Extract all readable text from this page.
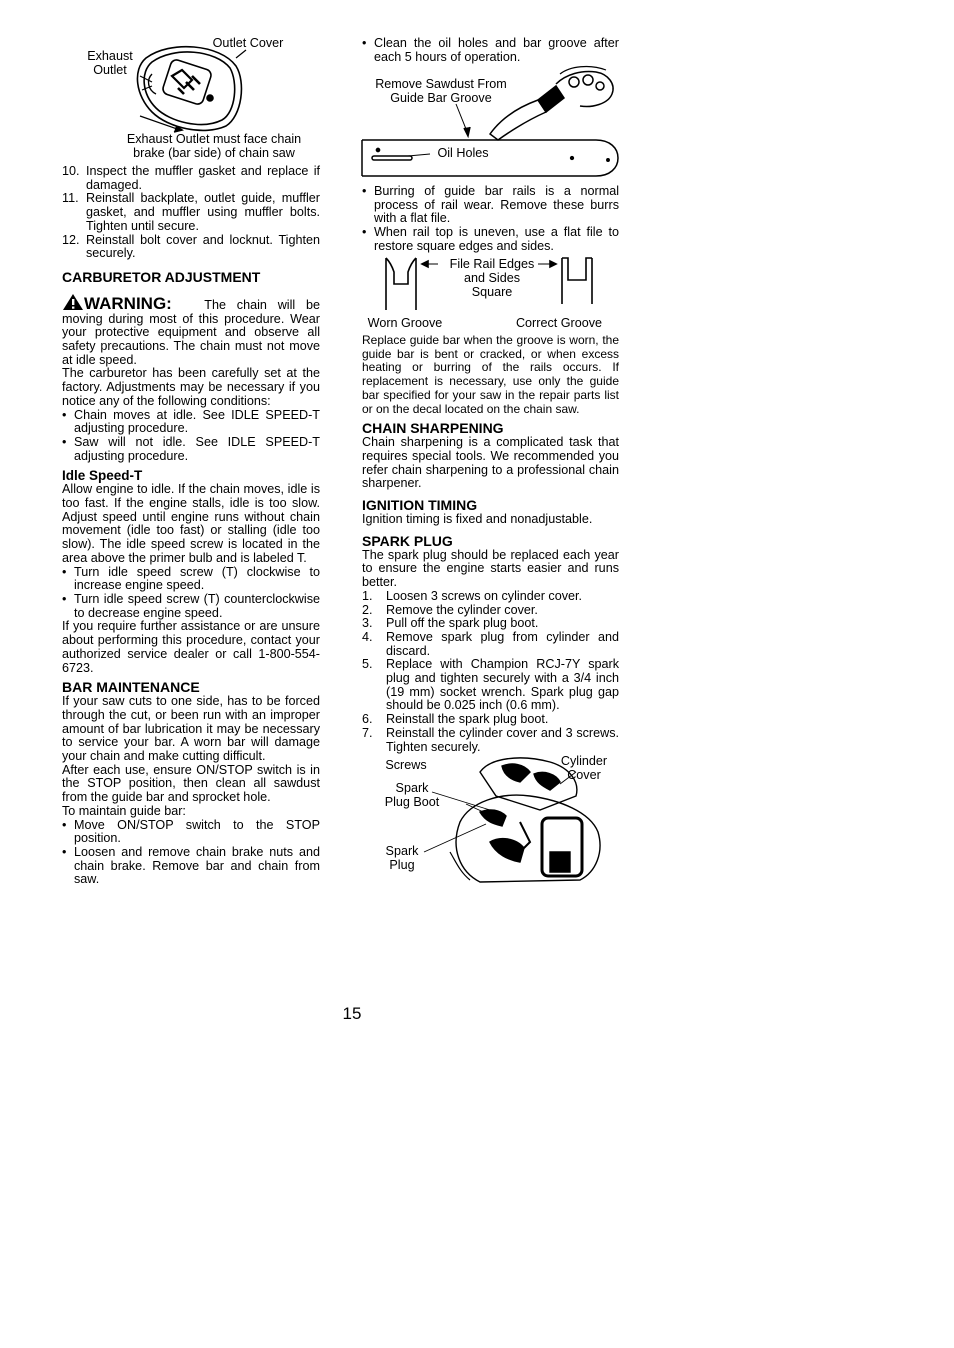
Exhaust
Outlet
Outlet Cover
Exhaust Outlet must face chain
brake (bar side) of chain saw
10. Inspect the muffler gasket and replace if damaged.
11. Reinstall backplate, outlet guide, muffler gasket, and muffler using muffler bolts. Tighten until secure.
12. Reinstall bolt cover and locknut. Tighten securely.
CARBURETOR ADJUSTMENT
WARNING:	The chain will be moving during most of this procedure. Wear your protective equipment and observe all safety precautions. The chain must not move at idle speed.

The carburetor has been carefully set at the factory. Adjustments may be necessary if you notice any of the following conditions:

• Chain moves at idle. See IDLE SPEED-T adjusting procedure.
• Saw will not idle. See IDLE SPEED-T adjusting procedure.
Idle Speed-T

Allow engine to idle. If the chain moves, idle is too fast. If the engine stalls, idle is too slow. Adjust speed until engine runs without chain movement (idle too fast) or stalling (idle too slow). The idle speed screw is located in the area above the primer bulb and is labeled T.

• Turn idle speed screw (T) clockwise to increase engine speed.
• Turn idle speed screw (T) counterclockwise to decrease engine speed.

If you require further assistance or are unsure about performing this procedure, contact your authorized service dealer or call 1-800-554-6723.

BAR MAINTENANCE

If your saw cuts to one side, has to be forced through the cut, or been run with an improper amount of bar lubrication it may be necessary to service your bar. A worn bar will damage your chain and make cutting difficult.

After each use, ensure ON/STOP switch is in the STOP position, then clean all sawdust from the guide bar and sprocket hole.

To maintain guide bar:

• Move ON/STOP switch to the STOP position.
• Loosen and remove chain brake nuts and chain brake. Remove bar and chain from saw.
• Clean the oil holes and bar groove after each 5 hours of operation.
Remove Sawdust From
Guide Bar Groove
Oil Holes
• Burring of guide bar rails is a normal process of rail wear. Remove these burrs with a flat file.
• When rail top is uneven, use a flat file to restore square edges and sides.
File Rail Edges
and Sides
Square
Worn Groove	Correct Groove

Replace guide bar when the groove is worn, the guide bar is bent or cracked, or when excess heating or burring of the rails occurs. If replacement is necessary, use only the guide bar specified for your saw in the repair parts list or on the decal located on the chain saw.

CHAIN SHARPENING

Chain sharpening is a complicated task that requires special tools. We recommended you refer chain sharpening to a professional chain sharpener.

IGNITION TIMING

Ignition timing is fixed and nonadjustable.

SPARK PLUG

The spark plug should be replaced each year to ensure the engine starts easier and runs better.

1.	Loosen 3 screws on cylinder cover.
2.	Remove the cylinder cover.
3.	Pull off the spark plug boot.
4.	Remove spark plug from cylinder and discard.
5.	Replace with Champion RCJ-7Y spark plug and tighten securely with a 3/4 inch (19 mm) socket wrench. Spark plug gap should be 0.025 inch (0.6 mm).
6.	Reinstall the spark plug boot.
7.	Reinstall the cylinder cover and 3 screws. Tighten securely.
Screws	Cylinder
Cover
Spark
Plug Boot
Spark
Plug
15
